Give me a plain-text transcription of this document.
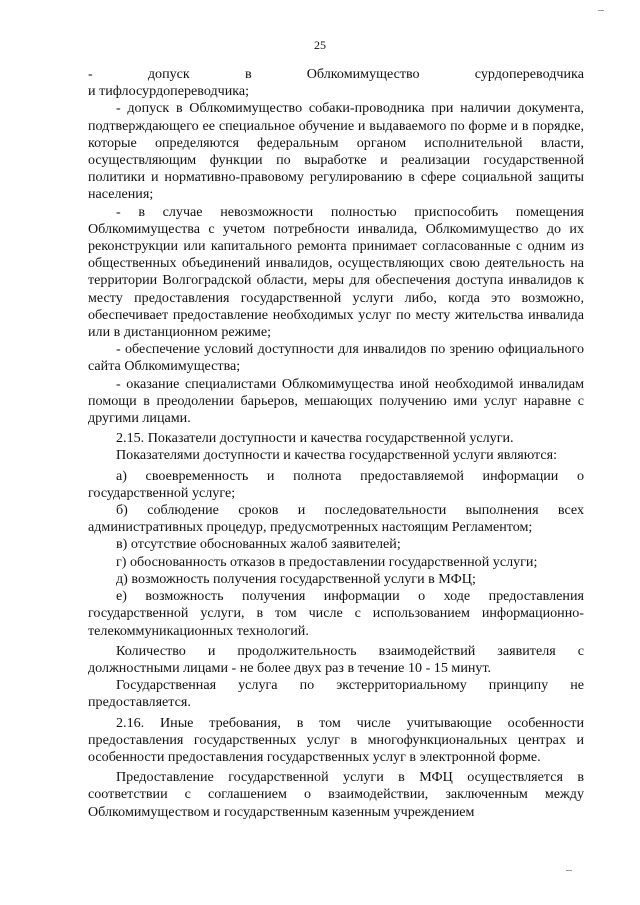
25

-	допуск	в	Облкомимущество	сурдопереводчика
и тифлосурдопереводчика;

- допуск в Облкомимущество собаки-проводника при наличии документа, подтверждающего ее специальное обучение и выдаваемого по форме и в порядке, которые определяются федеральным органом исполнительной власти, осуществляющим функции по выработке и реализации государственной политики и нормативно-правовому регулированию в сфере социальной защиты населения;

- в случае невозможности полностью приспособить помещения Облкомимущества с учетом потребности инвалида, Облкомимущество до их реконструкции или капитального ремонта принимает согласованные с одним из общественных объединений инвалидов, осуществляющих свою деятельность на территории Волгоградской области, меры для обеспечения доступа инвалидов к месту предоставления государственной услуги либо, когда это возможно, обеспечивает предоставление необходимых услуг по месту жительства инвалида или в дистанционном режиме;

- обеспечение условий доступности для инвалидов по зрению официального сайта Облкомимущества;

- оказание специалистами Облкомимущества иной необходимой инвалидам помощи в преодолении барьеров, мешающих получению ими услуг наравне с другими лицами.

2.15. Показатели доступности и качества государственной услуги.

Показателями доступности и качества государственной услуги являются:

а) своевременность и полнота предоставляемой информации о государственной услуге;

б) соблюдение сроков и последовательности выполнения всех административных процедур, предусмотренных настоящим Регламентом;

в) отсутствие обоснованных жалоб заявителей;

г) обоснованность отказов в предоставлении государственной услуги;

д) возможность получения государственной услуги в МФЦ;

е) возможность получения информации о ходе предоставления государственной услуги, в том числе с использованием информационно-телекоммуникационных технологий.

Количество и продолжительность взаимодействий заявителя с должностными лицами - не более двух раз в течение 10 - 15 минут.

Государственная услуга по экстерриториальному принципу не предоставляется.

2.16. Иные требования, в том числе учитывающие особенности предоставления государственных услуг в многофункциональных центрах и особенности предоставления государственных услуг в электронной форме.

Предоставление государственной услуги в МФЦ осуществляется в соответствии с соглашением о взаимодействии, заключенным между Облкомимуществом и государственным казенным учреждением
